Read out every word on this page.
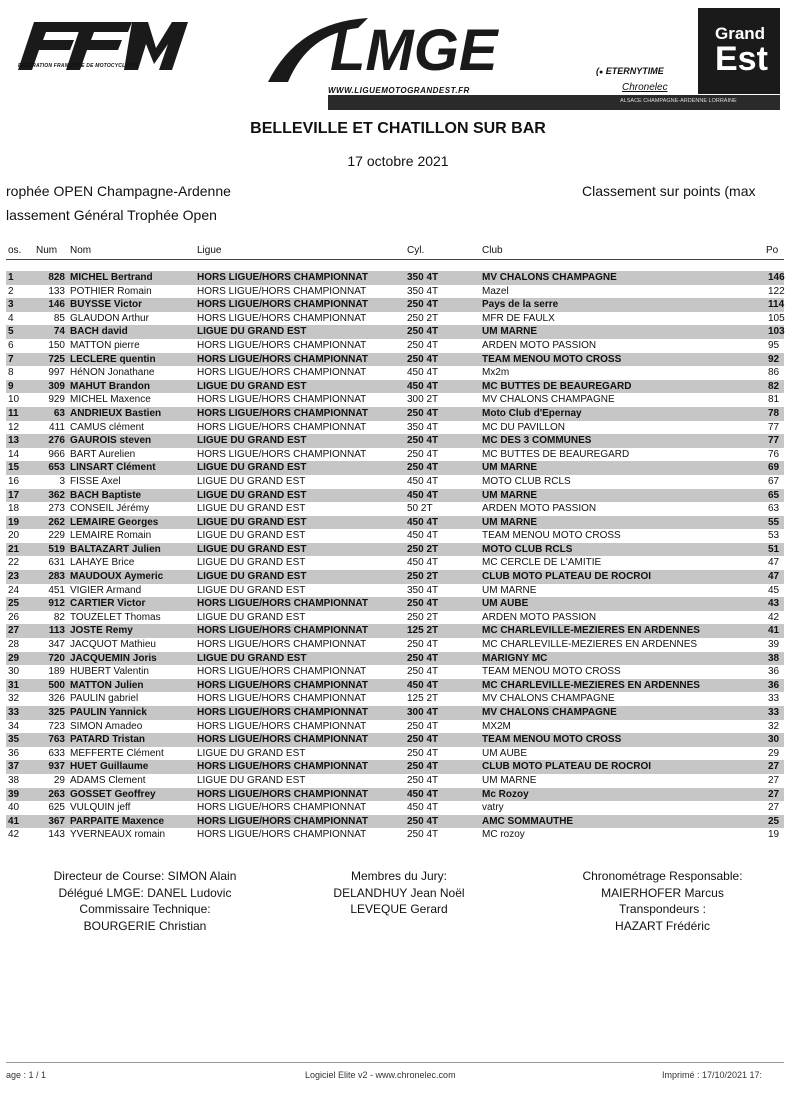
FEDERATION FRANÇAISE DE MOTOCYCLISME	LMGE
WWW.LIGUEMOTOGRANDEST.FR
(● ETERNYTIME
Chronelec
Grand
Est
ALSACE CHAMPAGNE-ARDENNE LORRAINE
BELLEVILLE ET CHATILLON SUR BAR
17 octobre 2021
rophée OPEN Champagne-Ardenne	Classement sur points (max
lassement Général Trophée Open
os. Num Nom	Ligue	Cyl.	Club	Po
1	828 MICHEL Bertrand	HORS LIGUE/HORS CHAMPIONNAT	350 4T	MV CHALONS CHAMPAGNE	146
2	133 POTHIER Romain	HORS LIGUE/HORS CHAMPIONNAT	350 4T	Mazel	122
3	146 BUYSSE Victor	HORS LIGUE/HORS CHAMPIONNAT	250 4T	Pays de la serre	114
4	85 GLAUDON Arthur	HORS LIGUE/HORS CHAMPIONNAT	250 2T	MFR DE FAULX	105
5	74 BACH david	LIGUE DU GRAND EST	250 4T	UM MARNE	103
6	150 MATTON pierre	HORS LIGUE/HORS CHAMPIONNAT	250 4T	ARDEN MOTO PASSION	95
7	725 LECLERE quentin	HORS LIGUE/HORS CHAMPIONNAT	250 4T	TEAM MENOU MOTO CROSS	92
8	997 HéNON Jonathane	HORS LIGUE/HORS CHAMPIONNAT	450 4T	Mx2m	86
9	309 MAHUT Brandon	LIGUE DU GRAND EST	450 4T	MC BUTTES DE BEAUREGARD	82
10	929 MICHEL Maxence	HORS LIGUE/HORS CHAMPIONNAT	300 2T	MV CHALONS CHAMPAGNE	81
11	63 ANDRIEUX Bastien	HORS LIGUE/HORS CHAMPIONNAT	250 4T	Moto Club d'Epernay	78
12	411 CAMUS clément	HORS LIGUE/HORS CHAMPIONNAT	350 4T	MC DU PAVILLON	77
13	276 GAUROIS steven	LIGUE DU GRAND EST	250 4T	MC DES 3 COMMUNES	77
14	966 BART Aurelien	HORS LIGUE/HORS CHAMPIONNAT	250 4T	MC BUTTES DE BEAUREGARD	76
15	653 LINSART Clément	LIGUE DU GRAND EST	250 4T	UM MARNE	69
16	3 FISSE Axel	LIGUE DU GRAND EST	450 4T	MOTO CLUB RCLS	67
17	362 BACH Baptiste	LIGUE DU GRAND EST	450 4T	UM MARNE	65
18	273 CONSEIL Jérémy	LIGUE DU GRAND EST	50 2T	ARDEN MOTO PASSION	63
19	262 LEMAIRE Georges	LIGUE DU GRAND EST	450 4T	UM MARNE	55
20	229 LEMAIRE Romain	LIGUE DU GRAND EST	450 4T	TEAM MENOU MOTO CROSS	53
21	519 BALTAZART Julien	LIGUE DU GRAND EST	250 2T	MOTO CLUB RCLS	51
22	631 LAHAYE Brice	LIGUE DU GRAND EST	450 4T	MC CERCLE DE L'AMITIE	47
23	283 MAUDOUX Aymeric	LIGUE DU GRAND EST	250 2T	CLUB MOTO PLATEAU DE ROCROI	47
24	451 VIGIER Armand	LIGUE DU GRAND EST	350 4T	UM MARNE	45
25	912 CARTIER Victor	HORS LIGUE/HORS CHAMPIONNAT	250 4T	UM AUBE	43
26	82 TOUZELET Thomas	LIGUE DU GRAND EST	250 2T	ARDEN MOTO PASSION	42
27	113 JOSTE Remy	HORS LIGUE/HORS CHAMPIONNAT	125 2T	MC CHARLEVILLE-MEZIERES EN ARDENNES	41
28	347 JACQUOT Mathieu	HORS LIGUE/HORS CHAMPIONNAT	250 4T	MC CHARLEVILLE-MEZIERES EN ARDENNES	39
29	720 JACQUEMIN Joris	LIGUE DU GRAND EST	250 4T	MARIGNY MC	38
30	189 HUBERT Valentin	HORS LIGUE/HORS CHAMPIONNAT	250 4T	TEAM MENOU MOTO CROSS	36
31	500 MATTON Julien	HORS LIGUE/HORS CHAMPIONNAT	450 4T	MC CHARLEVILLE-MEZIERES EN ARDENNES	36
32	326 PAULIN gabriel	HORS LIGUE/HORS CHAMPIONNAT	125 2T	MV CHALONS CHAMPAGNE	33
33	325 PAULIN Yannick	HORS LIGUE/HORS CHAMPIONNAT	300 4T	MV CHALONS CHAMPAGNE	33
34	723 SIMON Amadeo	HORS LIGUE/HORS CHAMPIONNAT	250 4T	MX2M	32
35	763 PATARD Tristan	HORS LIGUE/HORS CHAMPIONNAT	250 4T	TEAM MENOU MOTO CROSS	30
36	633 MEFFERTE Clément	LIGUE DU GRAND EST	250 4T	UM AUBE	29
37	937 HUET Guillaume	HORS LIGUE/HORS CHAMPIONNAT	250 4T	CLUB MOTO PLATEAU DE ROCROI	27
38	29 ADAMS Clement	LIGUE DU GRAND EST	250 4T	UM MARNE	27
39	263 GOSSET Geoffrey	HORS LIGUE/HORS CHAMPIONNAT	450 4T	Mc Rozoy	27
40	625 VULQUIN jeff	HORS LIGUE/HORS CHAMPIONNAT	450 4T	vatry	27
41	367 PARPAITE Maxence	HORS LIGUE/HORS CHAMPIONNAT	250 4T	AMC SOMMAUTHE	25
42	143 YVERNEAUX romain	HORS LIGUE/HORS CHAMPIONNAT	250 4T	MC rozoy	19
Directeur de Course: SIMON Alain
Délégué LMGE: DANEL Ludovic
Commissaire Technique:
BOURGERIE Christian
Membres du Jury:
DELANDHUY Jean Noël
LEVEQUE Gerard
Chronométrage Responsable:
MAIERHOFER Marcus
Transpondeurs :
HAZART Frédéric
age : 1 / 1	Logiciel Elite v2 - www.chronelec.com	Imprimé : 17/10/2021 17:
